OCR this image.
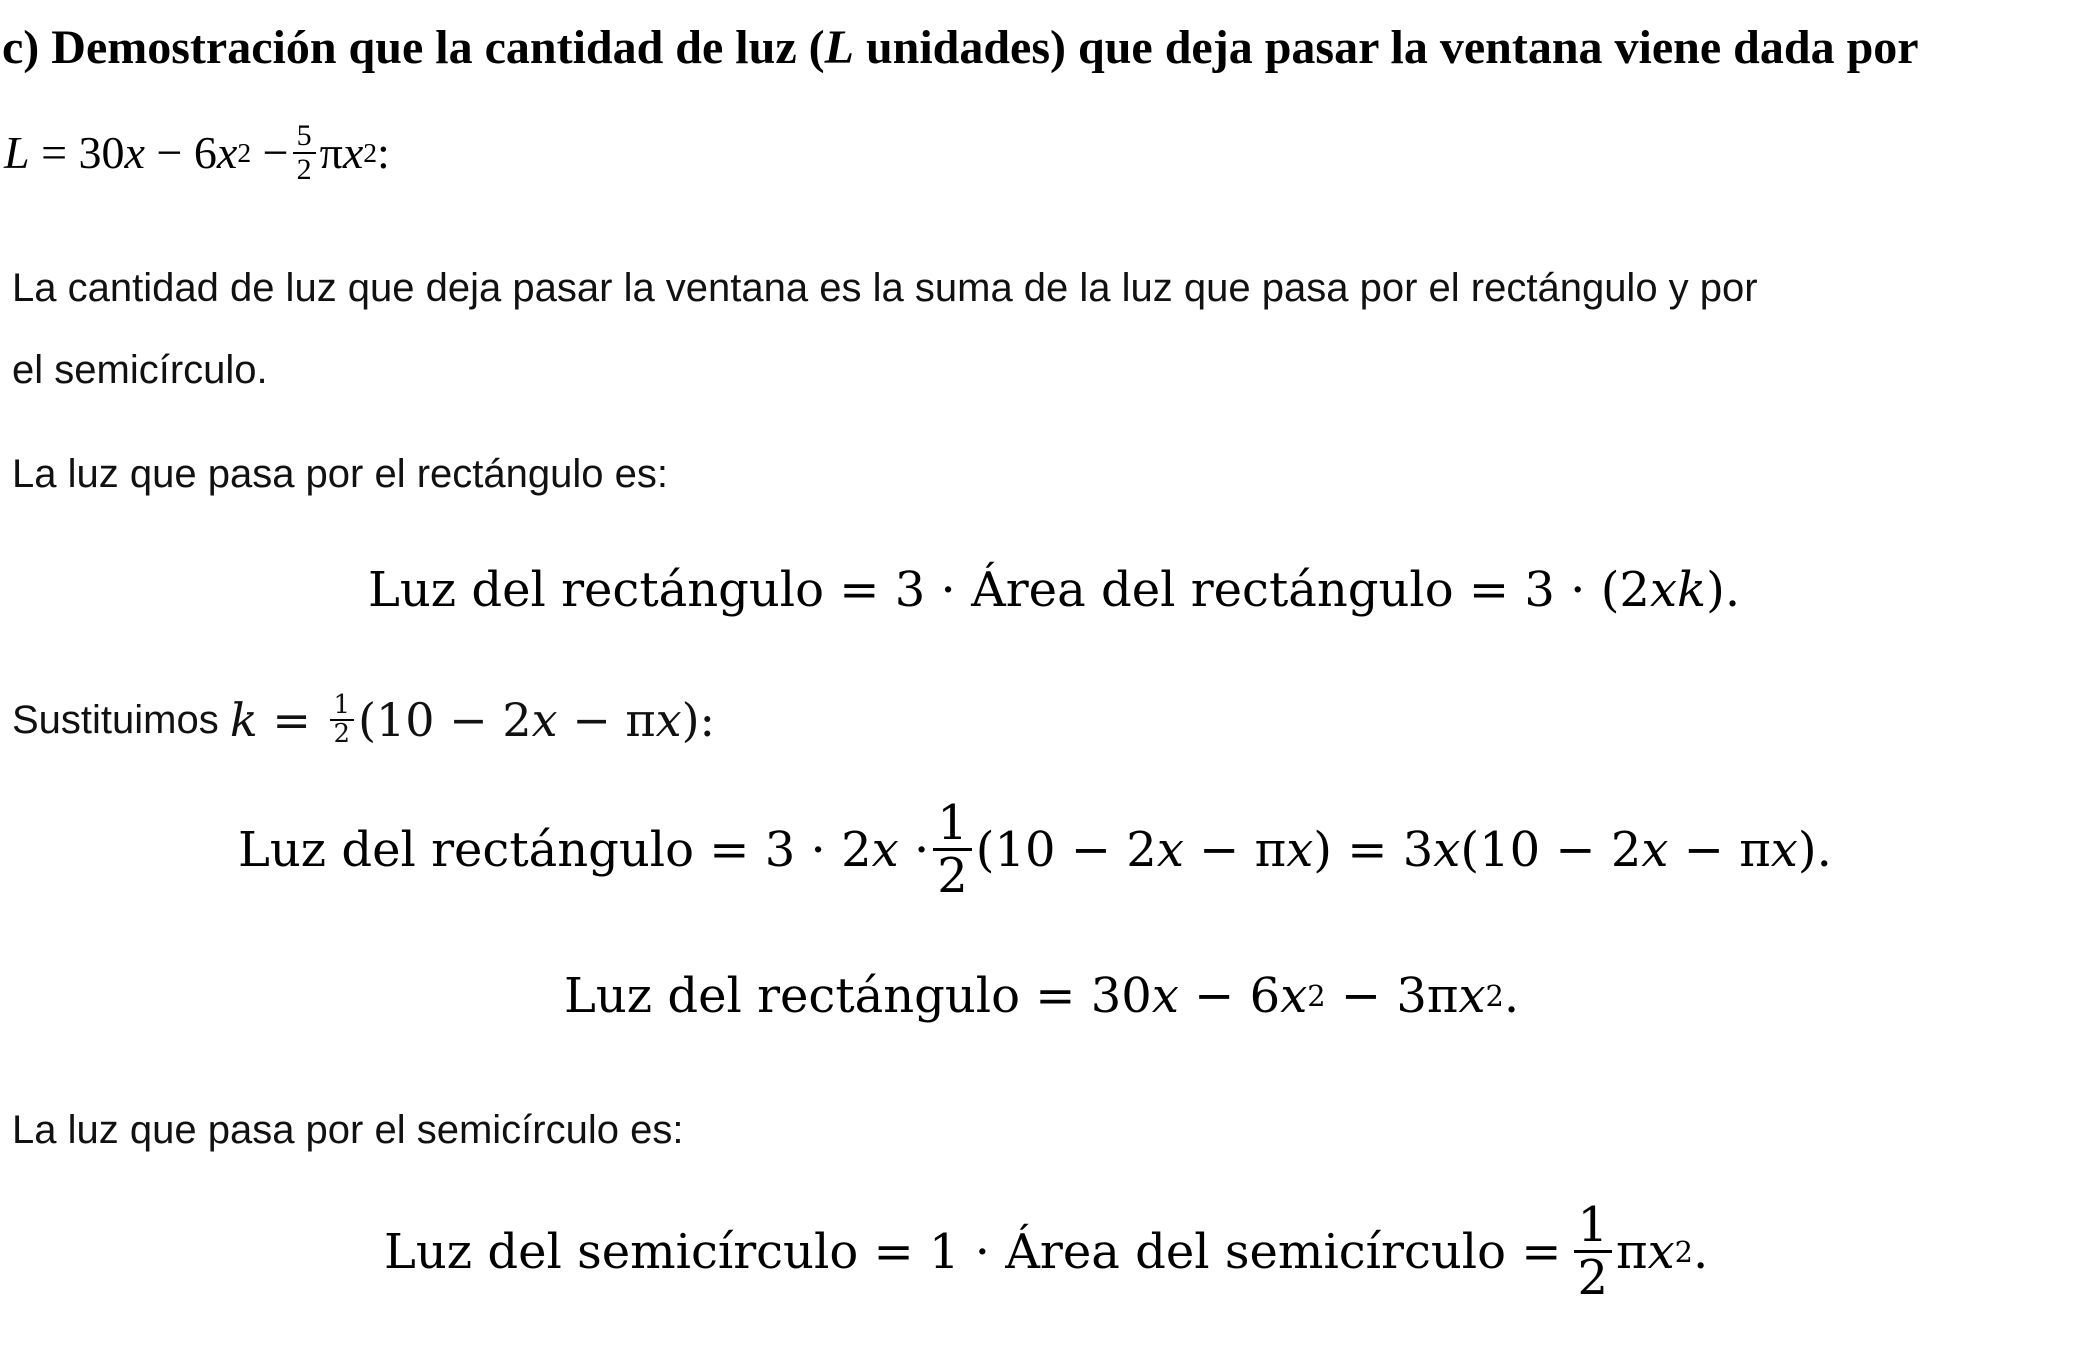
c) Demostración que la cantidad de luz (L unidades) que deja pasar la ventana viene dada por
L = 30 x − 6 x $2 - \frac{5}{2}$ π x 2 :
La cantidad de luz que deja pasar la ventana es la suma de la luz que pasa por el rectángulo y por
el semicírculo.
La luz que pasa por el rectángulo es:
Luz del rectángulo = 3 · Área del rectángulo = 3 · (2 x k ).
Sustituimos $k = \frac{1}{2} (10 - 2$ x − π x ):
Luz del rectángulo = 3 · 2 $x \cdot \frac{1}{2} (10 - 2$ x − π x ) = 3 x (10 − 2 x − π x ).
Luz del rectángulo = 30 x − 6 x 2 − 3π x 2 .
La luz que pasa por el semicírculo es:
Luz del semicírculo = 1 · Área del semicírculo = $\frac{1}{2}$ π x 2 .
